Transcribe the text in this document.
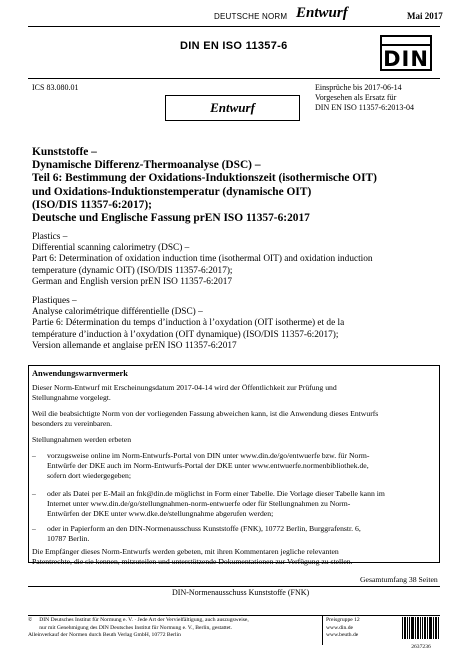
DEUTSCHE NORM Entwurf	Mai 2017
DIN EN ISO 11357-6
DIN
ICS 83.080.01	Einsprüche bis 2017-06-14
Vorgesehen als Ersatz für
DIN EN ISO 11357-6:2013-04
Entwurf
Kunststoffe –
Dynamische Differenz-Thermoanalyse (DSC) –
Teil 6: Bestimmung der Oxidations-Induktionszeit (isothermische OIT)
und Oxidations-Induktionstemperatur (dynamische OIT)
(ISO/DIS 11357-6:2017);
Deutsche und Englische Fassung prEN ISO 11357-6:2017
Plastics –
Differential scanning calorimetry (DSC) –
Part 6: Determination of oxidation induction time (isothermal OIT) and oxidation induction
temperature (dynamic OIT) (ISO/DIS 11357-6:2017);
German and English version prEN ISO 11357-6:2017
Plastiques –
Analyse calorimétrique différentielle (DSC) –
Partie 6: Détermination du temps d’induction à l’oxydation (OIT isotherme) et de la
température d’induction à l’oxydation (OIT dynamique) (ISO/DIS 11357-6:2017);
Version allemande et anglaise prEN ISO 11357-6:2017
Anwendungswarnvermerk
Dieser Norm-Entwurf mit Erscheinungsdatum 2017-04-14 wird der Öffentlichkeit zur Prüfung und
Stellungnahme vorgelegt.
Weil die beabsichtigte Norm von der vorliegenden Fassung abweichen kann, ist die Anwendung dieses Entwurfs
besonders zu vereinbaren.
Stellungnahmen werden erbeten
– vorzugsweise online im Norm-Entwurfs-Portal von DIN unter www.din.de/go/entwuerfe bzw. für Norm-
Entwürfe der DKE auch im Norm-Entwurfs-Portal der DKE unter www.entwuerfe.normenbibliothek.de,
sofern dort wiedergegeben;
– oder als Datei per E-Mail an fnk@din.de möglichst in Form einer Tabelle. Die Vorlage dieser Tabelle kann im
Internet unter www.din.de/go/stellungnahmen-norm-entwuerfe oder für Stellungnahmen zu Norm-
Entwürfen der DKE unter www.dke.de/stellungnahme abgerufen werden;
– oder in Papierform an den DIN-Normenausschuss Kunststoffe (FNK), 10772 Berlin, Burggrafenstr. 6,
10787 Berlin.
Die Empfänger dieses Norm-Entwurfs werden gebeten, mit ihren Kommentaren jegliche relevanten
Patentrechte, die sie kennen, mitzuteilen und unterstützende Dokumentationen zur Verfügung zu stellen.
Gesamtumfang 38 Seiten
DIN-Normenausschuss Kunststoffe (FNK)
©     DIN Deutsches Institut für Normung e. V. · Jede Art der Vervielfältigung, auch auszugsweise,
nur mit Genehmigung des DIN Deutsches Institut für Normung e. V., Berlin, gestattet.
Alleinverkauf der Normen durch Beuth Verlag GmbH, 10772 Berlin
Preisgruppe 12
www.din.de
www.beuth.de
2637236
